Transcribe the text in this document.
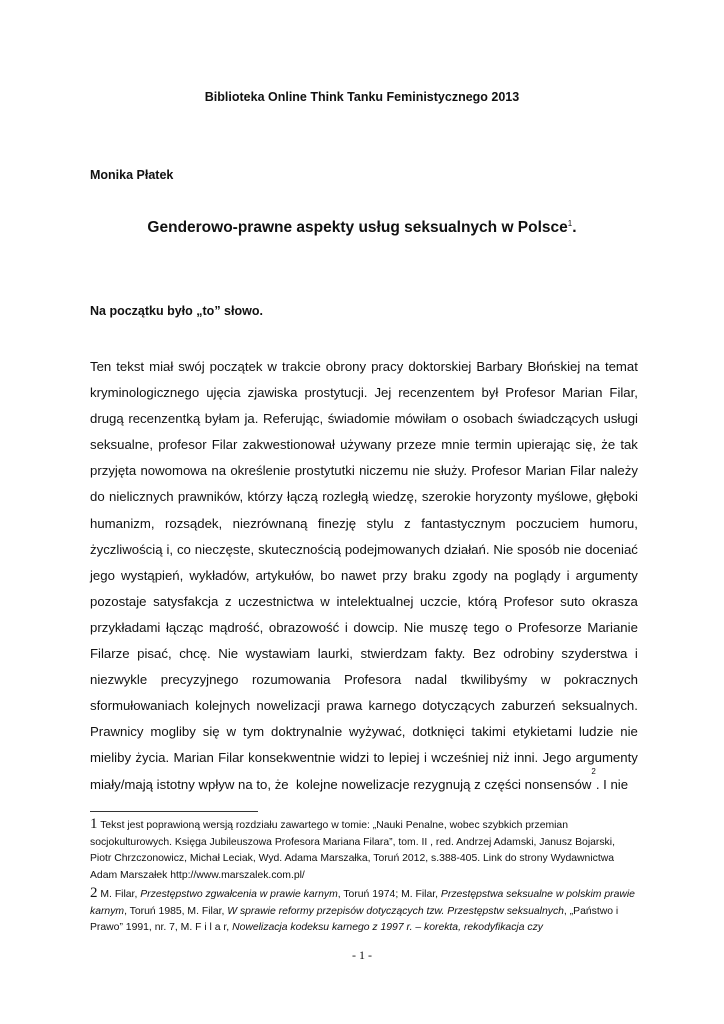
Biblioteka Online Think Tanku Feministycznego 2013
Monika Płatek
Genderowo-prawne aspekty usług seksualnych w Polsce$^1$.
Na początku było „to” słowo.
Ten tekst miał swój początek w trakcie obrony pracy doktorskiej Barbary Błońskiej na temat
kryminologicznego ujęcia zjawiska prostytucji. Jej recenzentem był Profesor Marian Filar,
drugą recenzentką byłam ja. Referując, świadomie mówiłam o osobach świadczących usługi
seksualne, profesor Filar zakwestionował używany przeze mnie termin upierając się, że tak
przyjęta nowomowa na określenie prostytutki niczemu nie służy. Profesor Marian Filar należy
do nielicznych prawników, którzy łączą rozległą wiedzę, szerokie horyzonty myślowe, głęboki
humanizm, rozsądek, niezrównaną finezję stylu z fantastycznym poczuciem humoru,
życzliwością i, co nieczęste, skutecznością podejmowanych działań. Nie sposób nie doceniać
jego wystąpień, wykładów, artykułów, bo nawet przy braku zgody na poglądy i argumenty
pozostaje satysfakcja z uczestnictwa w intelektualnej uczcie, którą Profesor suto okrasza
przykładami łącząc mądrość, obrazowość i dowcip. Nie muszę tego o Profesorze Marianie
Filarze pisać, chcę. Nie wystawiam laurki, stwierdzam fakty. Bez odrobiny szyderstwa i
niezwykle precyzyjnego rozumowania Profesora nadal tkwilibyśmy w pokracznych
sformułowaniach kolejnych nowelizacji prawa karnego dotyczących zaburzeń seksualnych.
Prawnicy mogliby się w tym doktrynalnie wyżywać, dotknięci takimi etykietami ludzie nie
mieliby życia. Marian Filar konsekwentnie widzi to lepiej i wcześniej niż inni. Jego argumenty
miały/mają istotny wpływ na to, że  kolejne nowelizacje rezygnują z części nonsensów
2
. I nie
1 Tekst jest poprawioną wersją rozdziału zawartego w tomie: „Nauki Penalne, wobec szybkich przemian socjokulturowych. Księga Jubileuszowa Profesora Mariana Filara”, tom. II , red. Andrzej Adamski, Janusz Bojarski, Piotr Chrzczonowicz, Michał Leciak, Wyd. Adama Marszałka, Toruń 2012, s.388-405. Link do strony Wydawnictwa Adam Marszałek http://www.marszalek.com.pl/
2 M. Filar, Przestępstwo zgwałcenia w prawie karnym, Toruń 1974; M. Filar, Przestępstwa seksualne w polskim prawie karnym, Toruń 1985, M. Filar, W sprawie reformy przepisów dotyczących tzw. Przestępstw seksualnych, „Państwo i Prawo” 1991, nr. 7, M. F i l a r, Nowelizacja kodeksu karnego z 1997 r. – korekta, rekodyfikacja czy
- 1 -
